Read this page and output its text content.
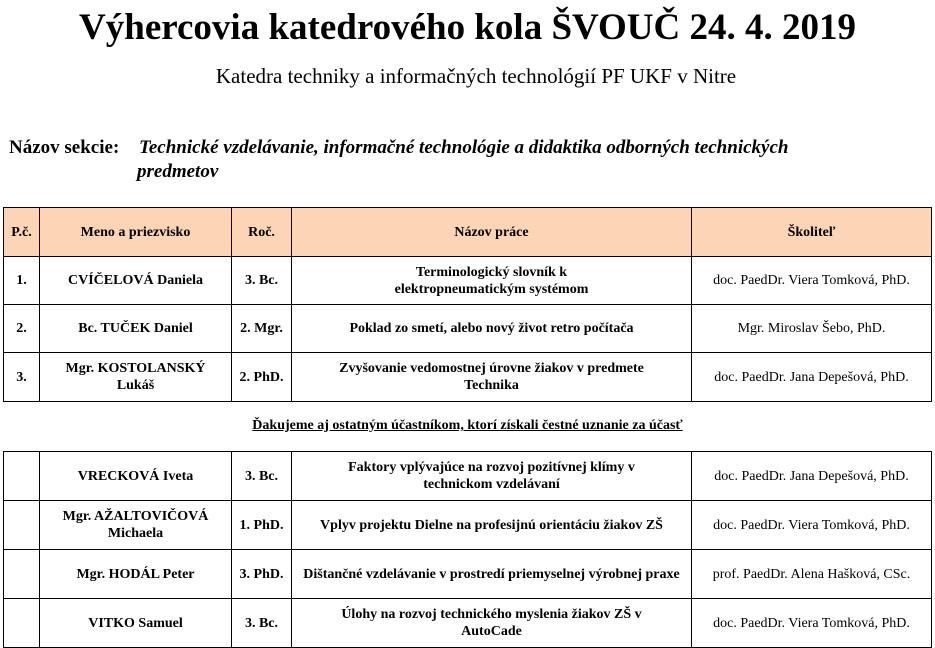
Výhercovia katedrového kola ŠVOUČ 24. 4. 2019
Katedra techniky a informačných technológií PF UKF v Nitre
Názov sekcie: Technické vzdelávanie, informačné technológie a didaktika odborných technických
predmetov
P.č.	Meno a priezvisko	Roč.	Názov práce	Školiteľ
1.	CVÍČELOVÁ Daniela	3. Bc.	Terminologický slovník k elektropneumatickým systémom	doc. PaedDr. Viera Tomková, PhD.
2.	Bc. TUČEK Daniel	2. Mgr.	Poklad zo smetí, alebo nový život retro počítača	Mgr. Miroslav Šebo, PhD.
3.	Mgr. KOSTOLANSKÝ Lukáš	2. PhD.	Zvyšovanie vedomostnej úrovne žiakov v predmete Technika	doc. PaedDr. Jana Depešová, PhD.
Ďakujeme aj ostatným účastníkom, ktorí získali čestné uznanie za účasť
	VRECKOVÁ Iveta	3. Bc.	Faktory vplývajúce na rozvoj pozitívnej klímy v technickom vzdelávaní	doc. PaedDr. Jana Depešová, PhD.
	Mgr. AŽALTOVIČOVÁ Michaela	1. PhD.	Vplyv projektu Dielne na profesijnú orientáciu žiakov ZŠ	doc. PaedDr. Viera Tomková, PhD.
	Mgr. HODÁL Peter	3. PhD.	Dištančné vzdelávanie v prostredí priemyselnej výrobnej praxe	prof. PaedDr. Alena Hašková, CSc.
	VITKO Samuel	3. Bc.	Úlohy na rozvoj technického myslenia žiakov ZŠ v AutoCade	doc. PaedDr. Viera Tomková, PhD.
